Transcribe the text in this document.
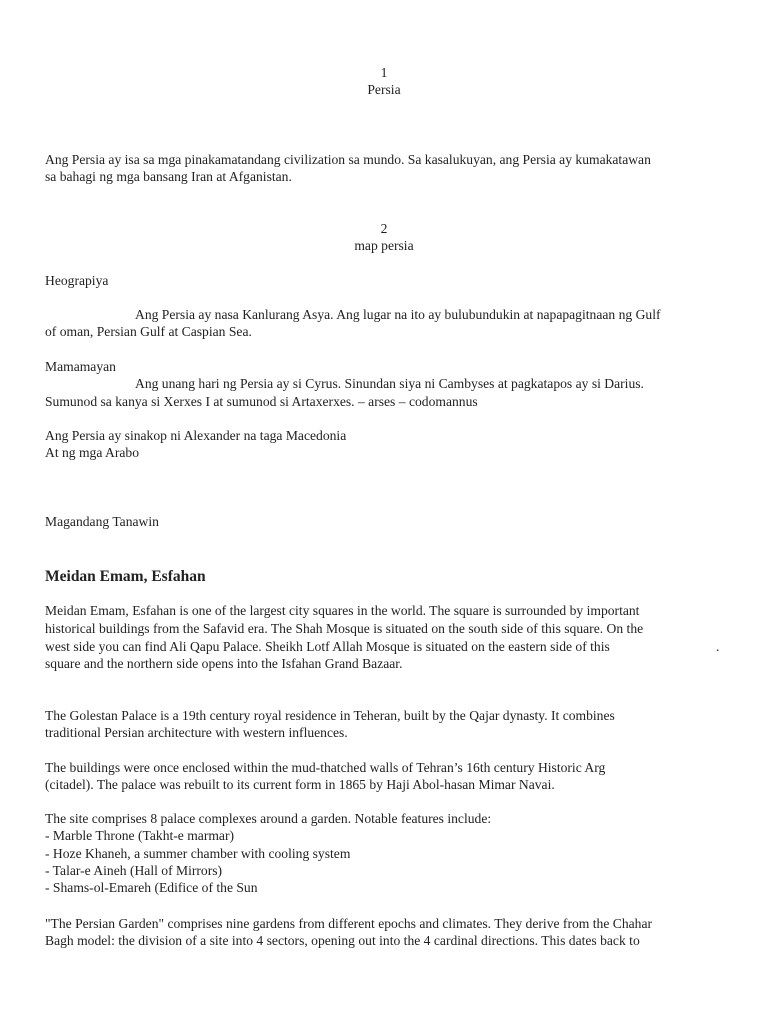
1
Persia
Ang Persia ay isa sa mga pinakamatandang civilization sa mundo. Sa kasalukuyan, ang Persia ay kumakatawan
sa bahagi ng mga bansang Iran at Afganistan.
2
map persia
Heograpiya
Ang Persia ay nasa Kanlurang Asya. Ang lugar na ito ay bulubundukin at napapagitnaan ng Gulf
of oman, Persian Gulf at Caspian Sea.
Mamamayan
Ang unang hari ng Persia ay si Cyrus. Sinundan siya ni Cambyses at pagkatapos ay si Darius.
Sumunod sa kanya si Xerxes I at sumunod si Artaxerxes. – arses – codomannus
Ang Persia ay sinakop ni Alexander na taga Macedonia
At ng mga Arabo
Magandang Tanawin
Meidan Emam, Esfahan
Meidan Emam, Esfahan is one of the largest city squares in the world. The square is surrounded by important
historical buildings from the Safavid era. The Shah Mosque is situated on the south side of this square. On the
west side you can find Ali Qapu Palace. Sheikh Lotf Allah Mosque is situated on the eastern side of this	.
square and the northern side opens into the Isfahan Grand Bazaar.
The Golestan Palace is a 19th century royal residence in Teheran, built by the Qajar dynasty. It combines
traditional Persian architecture with western influences.
The buildings were once enclosed within the mud-thatched walls of Tehran’s 16th century Historic Arg
(citadel). The palace was rebuilt to its current form in 1865 by Haji Abol-hasan Mimar Navai.
The site comprises 8 palace complexes around a garden. Notable features include:
- Marble Throne (Takht-e marmar)
- Hoze Khaneh, a summer chamber with cooling system
- Talar-e Aineh (Hall of Mirrors)
- Shams-ol-Emareh (Edifice of the Sun
"The Persian Garden" comprises nine gardens from different epochs and climates. They derive from the Chahar
Bagh model: the division of a site into 4 sectors, opening out into the 4 cardinal directions. This dates back to
